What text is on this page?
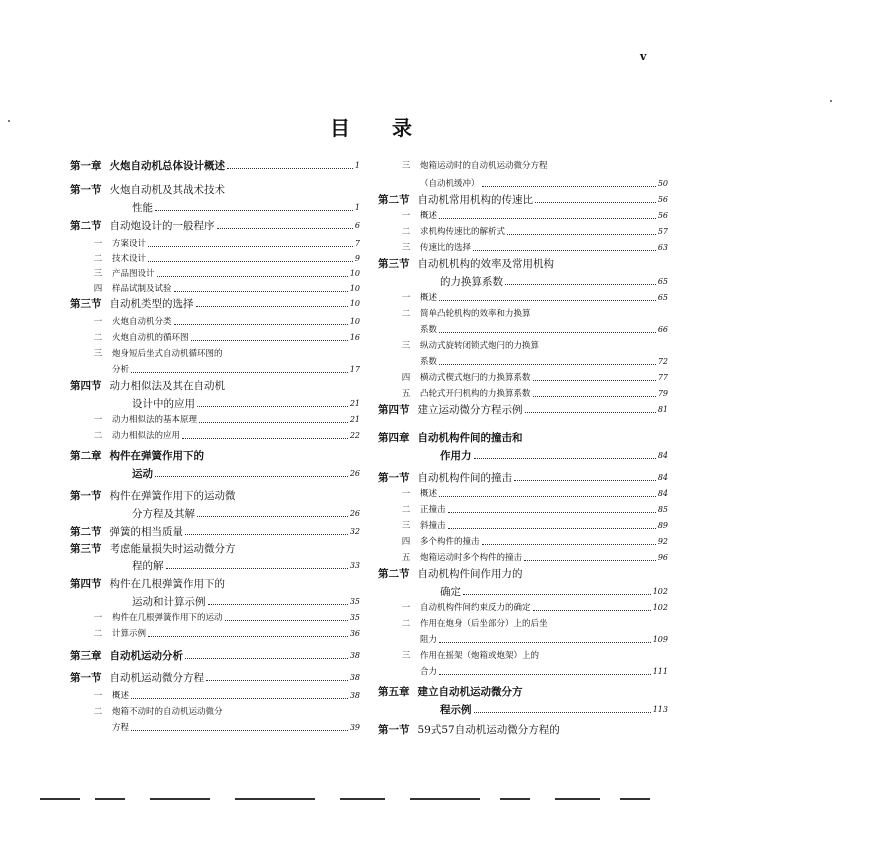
v
目 录
第一章 火炮自动机总体设计概述	1
第一节 火炮自动机及其战术技术
性能	1
第二节 自动炮设计的一般程序	6
一	方案设计	7
二	技术设计	9
三	产品图设计	10
四	样品试制及试验	10
第三节 自动机类型的选择	10
一	火炮自动机分类	10
二	火炮自动机的循环图	16
三	炮身短后坐式自动机循环图的
分析	17
第四节 动力相似法及其在自动机
设计中的应用	21
一	动力相似法的基本原理	21
二	动力相似法的应用	22
第二章 构件在弹簧作用下的
运动	26
第一节 构件在弹簧作用下的运动微
分方程及其解	26
第二节 弹簧的相当质量	32
第三节 考虑能量损失时运动微分方
程的解	33
第四节 构件在几根弹簧作用下的
运动和计算示例	35
一	构件在几根弹簧作用下的运动	35
二	计算示例	36
第三章 自动机运动分析	38
第一节 自动机运动微分方程	38
一	概述	38
二	炮箱不动时的自动机运动微分
方程	39
三	炮箱运动时的自动机运动微分方程
（自动机缓冲）	50
第二节 自动机常用机构的传速比	56
一	概述	56
二	求机构传速比的解析式	57
三	传速比的选择	63
第三节 自动机机构的效率及常用机构
的力换算系数	65
一	概述	65
二	简单凸轮机构的效率和力换算
系数	66
三	纵动式旋转闭锁式炮闩的力换算
系数	72
四	横动式楔式炮闩的力换算系数	77
五	凸轮式开闩机构的力换算系数	79
第四节 建立运动微分方程示例	81
第四章 自动机构件间的撞击和
作用力	84
第一节 自动机构件间的撞击	84
一	概述	84
二	正撞击	85
三	斜撞击	89
四	多个构件的撞击	92
五	炮箱运动时多个构件的撞击	96
第二节 自动机构件间作用力的
确定	102
一	自动机构件间约束反力的确定	102
二	作用在炮身（后坐部分）上的后坐
阻力	109
三	作用在摇架（炮箱或炮架）上的
合力	111
第五章 建立自动机运动微分方
程示例	113
第一节 59式57自动机运动微分方程的
